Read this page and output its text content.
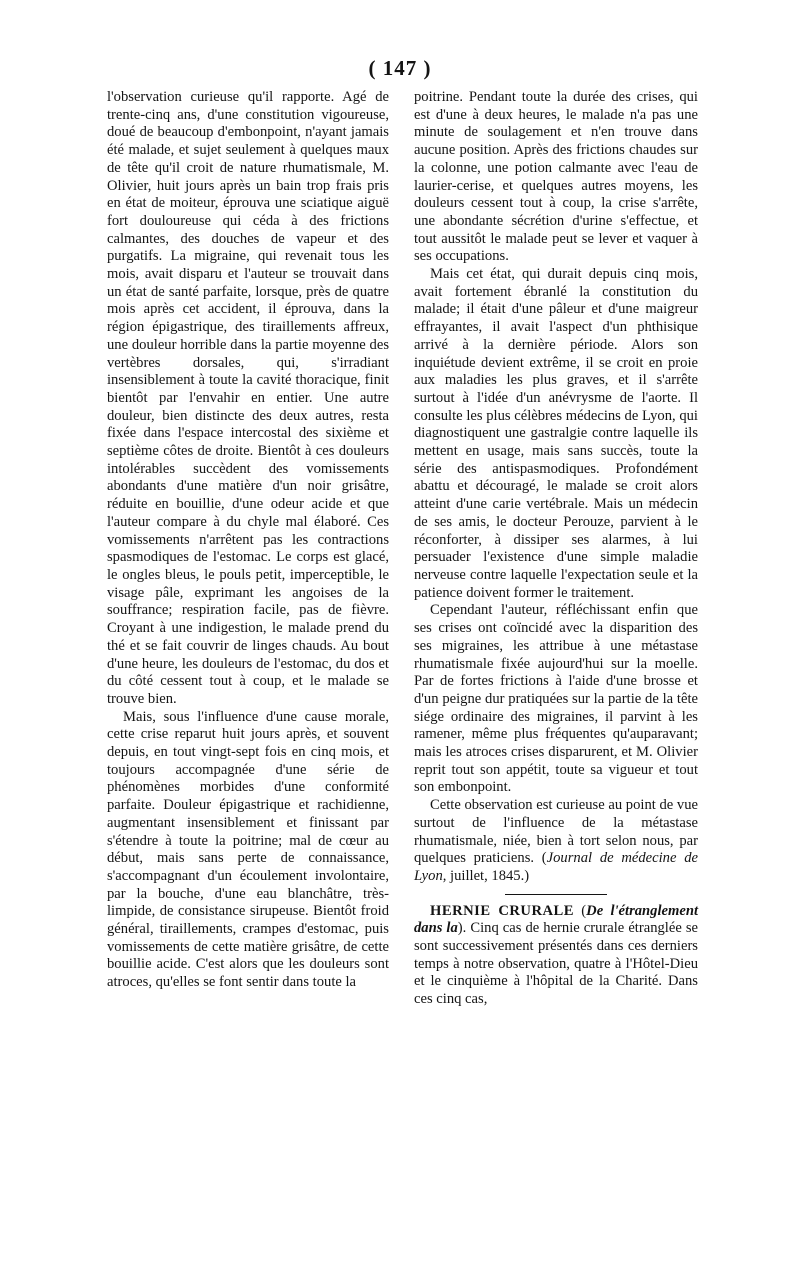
( 147 )

l'observation curieuse qu'il rapporte. Agé de trente-cinq ans, d'une constitution vigoureuse, doué de beaucoup d'embonpoint, n'ayant jamais été malade, et sujet seulement à quelques maux de tête qu'il croit de nature rhumatismale, M. Olivier, huit jours après un bain trop frais pris en état de moiteur, éprouva une sciatique aiguë fort douloureuse qui céda à des frictions calmantes, des douches de vapeur et des purgatifs. La migraine, qui revenait tous les mois, avait disparu et l'auteur se trouvait dans un état de santé parfaite, lorsque, près de quatre mois après cet accident, il éprouva, dans la région épigastrique, des tiraillements affreux, une douleur horrible dans la partie moyenne des vertèbres dorsales, qui, s'irradiant insensiblement à toute la cavité thoracique, finit bientôt par l'envahir en entier. Une autre douleur, bien distincte des deux autres, resta fixée dans l'espace intercostal des sixième et septième côtes de droite. Bientôt à ces douleurs intolérables succèdent des vomissements abondants d'une matière d'un noir grisâtre, réduite en bouillie, d'une odeur acide et que l'auteur compare à du chyle mal élaboré. Ces vomissements n'arrêtent pas les contractions spasmodiques de l'estomac. Le corps est glacé, le ongles bleus, le pouls petit, imperceptible, le visage pâle, exprimant les angoises de la souffrance; respiration facile, pas de fièvre. Croyant à une indigestion, le malade prend du thé et se fait couvrir de linges chauds. Au bout d'une heure, les douleurs de l'estomac, du dos et du côté cessent tout à coup, et le malade se trouve bien.

Mais, sous l'influence d'une cause morale, cette crise reparut huit jours après, et souvent depuis, en tout vingt-sept fois en cinq mois, et toujours accompagnée d'une série de phénomènes morbides d'une conformité parfaite. Douleur épigastrique et rachidienne, augmentant insensiblement et finissant par s'étendre à toute la poitrine; mal de cœur au début, mais sans perte de connaissance, s'accompagnant d'un écoulement involontaire, par la bouche, d'une eau blanchâtre, très-limpide, de consistance sirupeuse. Bientôt froid général, tiraillements, crampes d'estomac, puis vomissements de cette matière grisâtre, de cette bouillie acide. C'est alors que les douleurs sont atroces, qu'elles se font sentir dans toute la

poitrine. Pendant toute la durée des crises, qui est d'une à deux heures, le malade n'a pas une minute de soulagement et n'en trouve dans aucune position. Après des frictions chaudes sur la colonne, une potion calmante avec l'eau de laurier-cerise, et quelques autres moyens, les douleurs cessent tout à coup, la crise s'arrête, une abondante sécrétion d'urine s'effectue, et tout aussitôt le malade peut se lever et vaquer à ses occupations.

Mais cet état, qui durait depuis cinq mois, avait fortement ébranlé la constitution du malade; il était d'une pâleur et d'une maigreur effrayantes, il avait l'aspect d'un phthisique arrivé à la dernière période. Alors son inquiétude devient extrême, il se croit en proie aux maladies les plus graves, et il s'arrête surtout à l'idée d'un anévrysme de l'aorte. Il consulte les plus célèbres médecins de Lyon, qui diagnostiquent une gastralgie contre laquelle ils mettent en usage, mais sans succès, toute la série des antispasmodiques. Profondément abattu et découragé, le malade se croit alors atteint d'une carie vertébrale. Mais un médecin de ses amis, le docteur Perouze, parvient à le réconforter, à dissiper ses alarmes, à lui persuader l'existence d'une simple maladie nerveuse contre laquelle l'expectation seule et la patience doivent former le traitement.

Cependant l'auteur, réfléchissant enfin que ses crises ont coïncidé avec la disparition des ses migraines, les attribue à une métastase rhumatismale fixée aujourd'hui sur la moelle. Par de fortes frictions à l'aide d'une brosse et d'un peigne dur pratiquées sur la partie de la tête siége ordinaire des migraines, il parvint à les ramener, même plus fréquentes qu'auparavant; mais les atroces crises disparurent, et M. Olivier reprit tout son appétit, toute sa vigueur et tout son embonpoint.

Cette observation est curieuse au point de vue surtout de l'influence de la métastase rhumatismale, niée, bien à tort selon nous, par quelques praticiens. (Journal de médecine de Lyon, juillet, 1845.)

HERNIE CRURALE (De l'étranglement dans la). Cinq cas de hernie crurale étranglée se sont successivement présentés dans ces derniers temps à notre observation, quatre à l'Hôtel-Dieu et le cinquième à l'hôpital de la Charité. Dans ces cinq cas,
